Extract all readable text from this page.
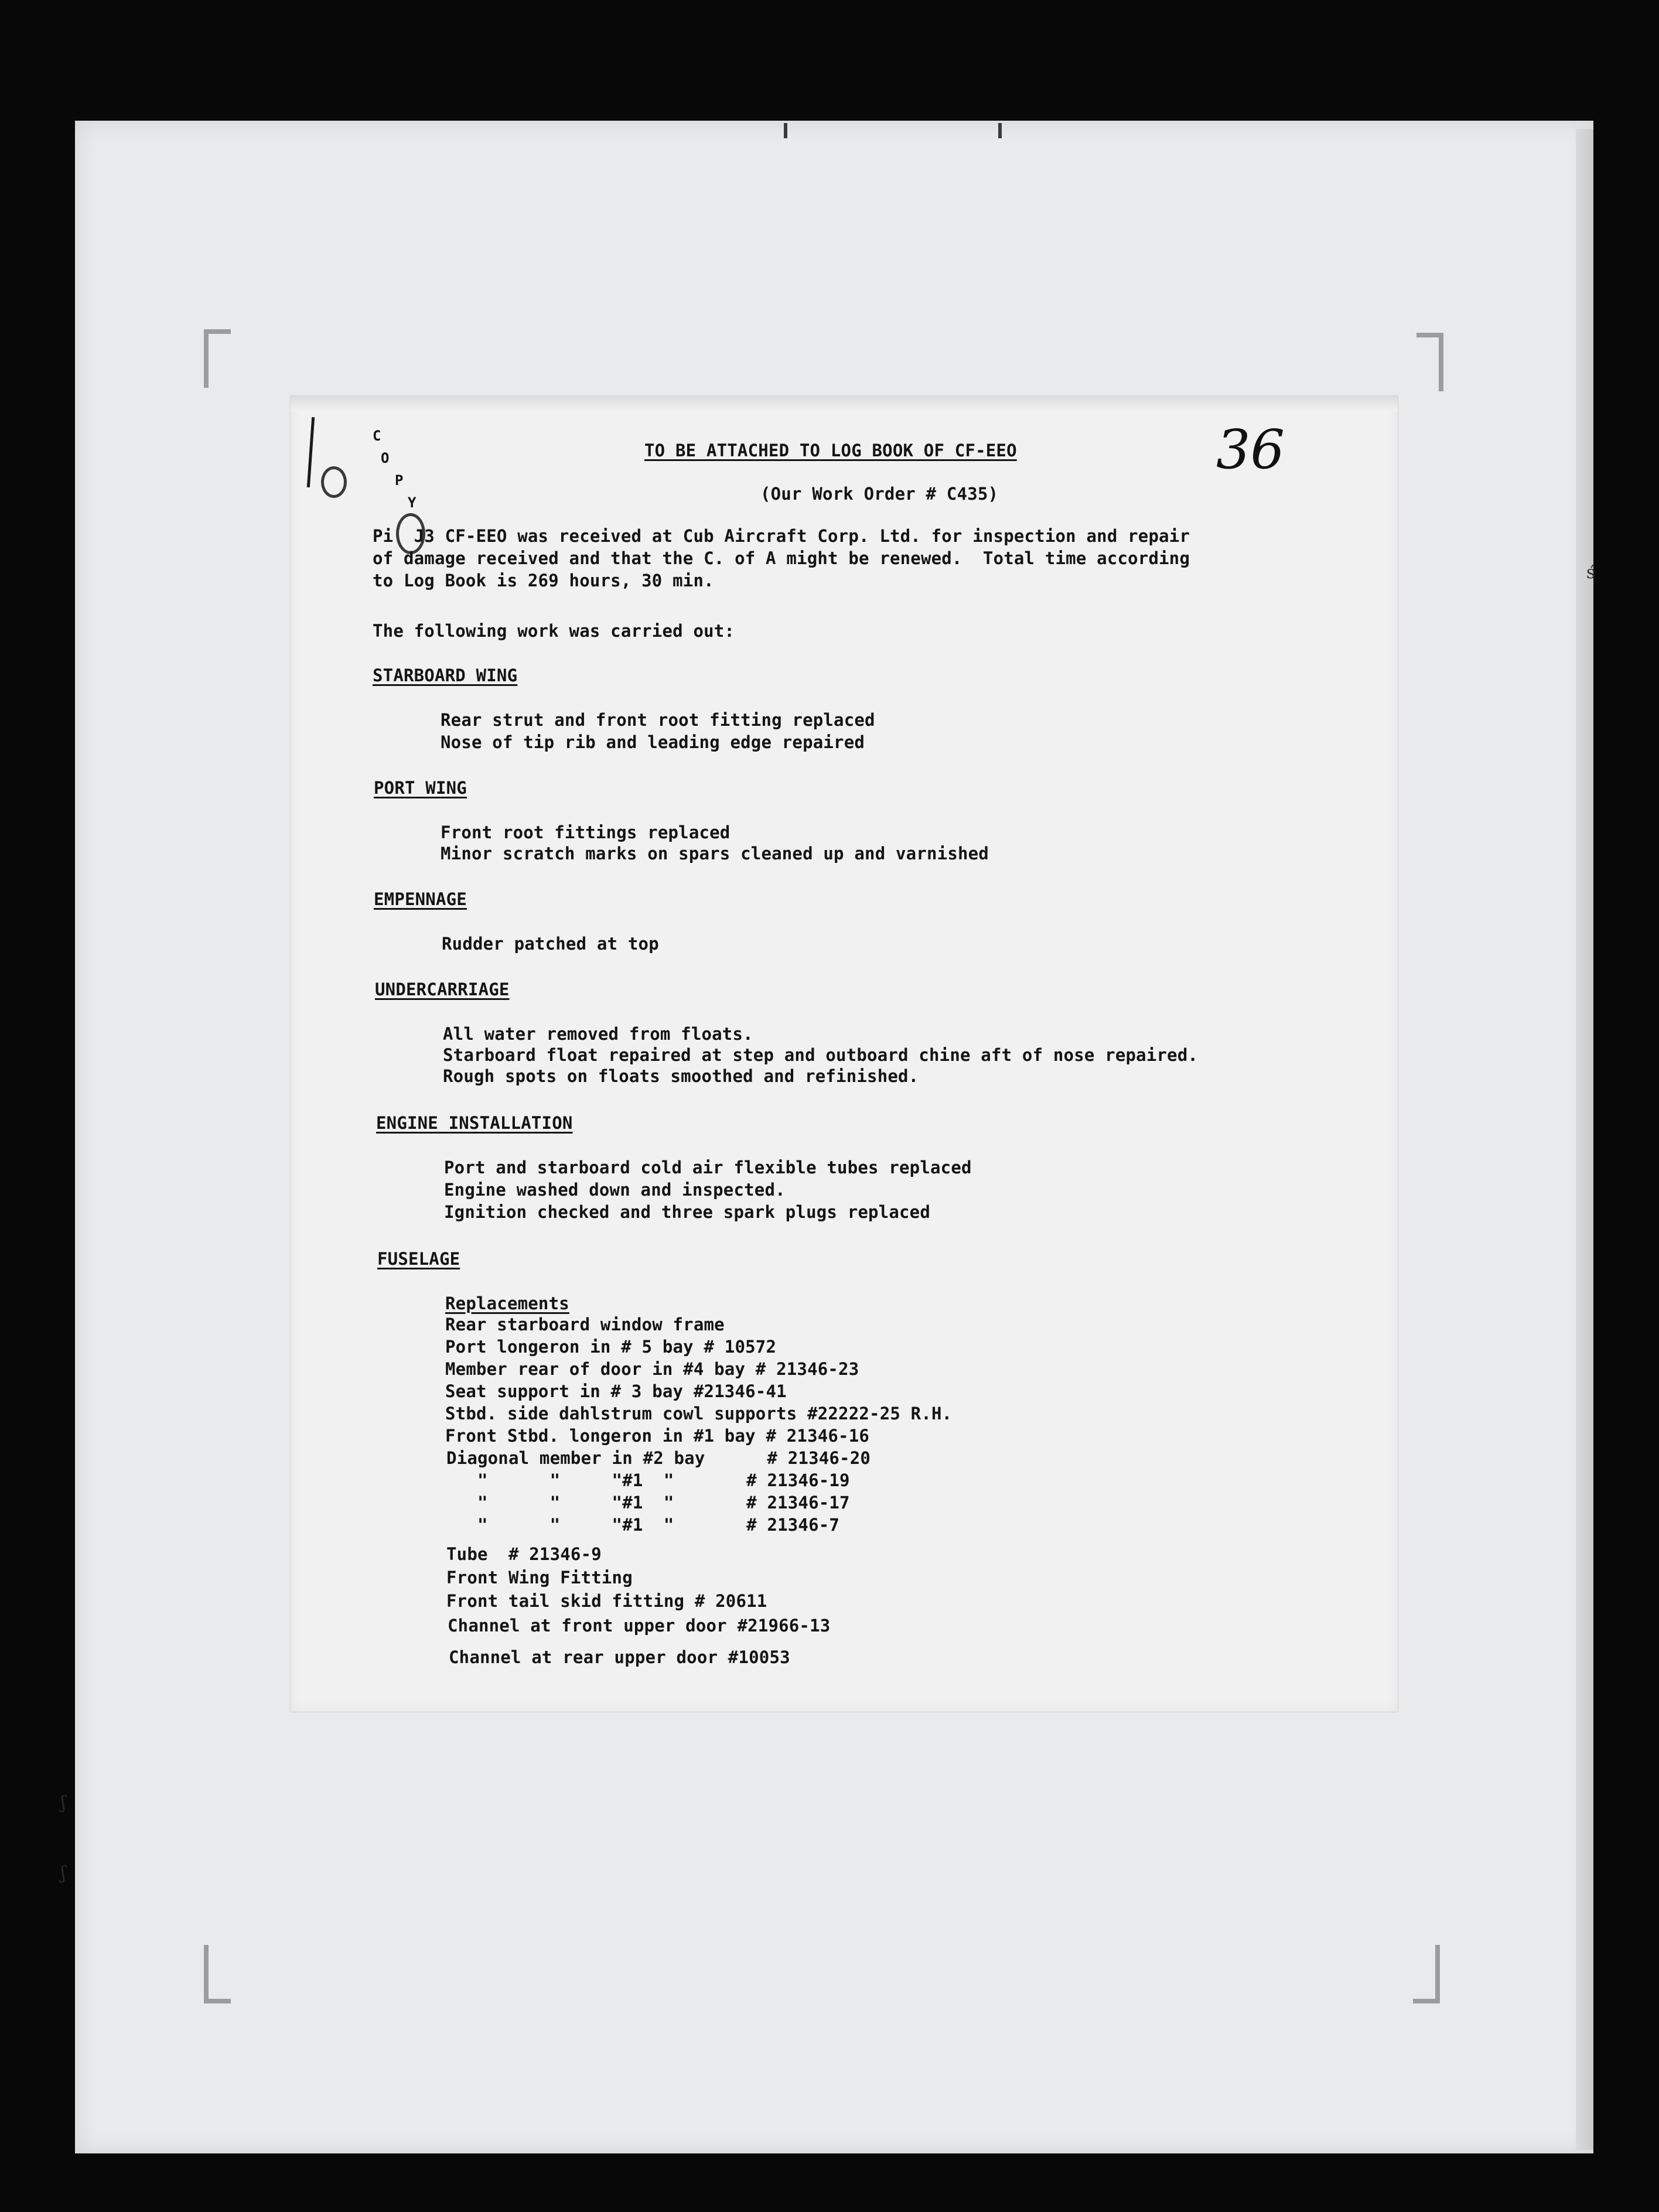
ś
ʃ
ʃ
C
O
P
Y
36
TO BE ATTACHED TO LOG BOOK OF CF-EEO
(Our Work Order # C435)
Pi  J3 CF-EEO was received at Cub Aircraft Corp. Ltd. for inspection and repair
of damage received and that the C. of A might be renewed.  Total time according
to Log Book is 269 hours, 30 min.
The following work was carried out:
STARBOARD WING
Rear strut and front root fitting replaced
Nose of tip rib and leading edge repaired
PORT WING
Front root fittings replaced
Minor scratch marks on spars cleaned up and varnished
EMPENNAGE
Rudder patched at top
UNDERCARRIAGE
All water removed from floats.
Starboard float repaired at step and outboard chine aft of nose repaired.
Rough spots on floats smoothed and refinished.
ENGINE INSTALLATION
Port and starboard cold air flexible tubes replaced
Engine washed down and inspected.
Ignition checked and three spark plugs replaced
FUSELAGE
Replacements
Rear starboard window frame
Port longeron in # 5 bay # 10572
Member rear of door in #4 bay # 21346-23
Seat support in # 3 bay #21346-41
Stbd. side dahlstrum cowl supports #22222-25 R.H.
Front Stbd. longeron in #1 bay # 21346-16
Diagonal member in #2 bay      # 21346-20
"      "     "#1  "       # 21346-19
"      "     "#1  "       # 21346-17
"      "     "#1  "       # 21346-7
Tube  # 21346-9
Front Wing Fitting
Front tail skid fitting # 20611
Channel at front upper door #21966-13
Channel at rear upper door #10053
